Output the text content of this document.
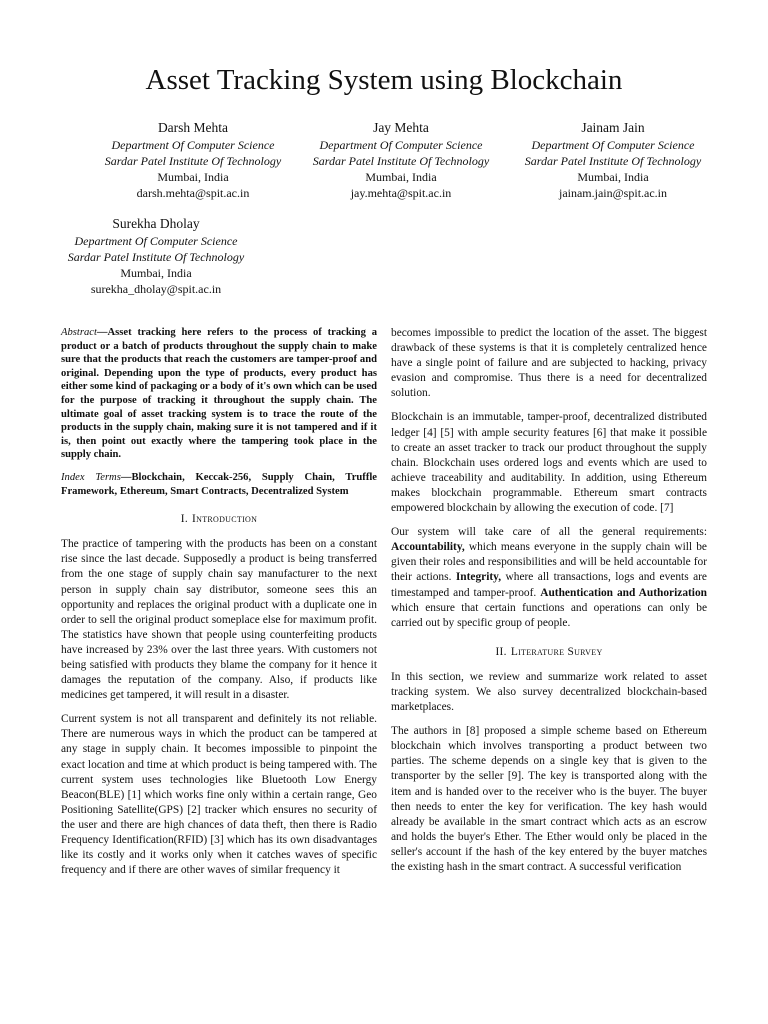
Asset Tracking System using Blockchain
Darsh Mehta
Department Of Computer Science
Sardar Patel Institute Of Technology
Mumbai, India
darsh.mehta@spit.ac.in
Jay Mehta
Department Of Computer Science
Sardar Patel Institute Of Technology
Mumbai, India
jay.mehta@spit.ac.in
Jainam Jain
Department Of Computer Science
Sardar Patel Institute Of Technology
Mumbai, India
jainam.jain@spit.ac.in
Surekha Dholay
Department Of Computer Science
Sardar Patel Institute Of Technology
Mumbai, India
surekha_dholay@spit.ac.in

Abstract—Asset tracking here refers to the process of tracking a product or a batch of products throughout the supply chain to make sure that the products that reach the customers are tamper-proof and original. Depending upon the type of products, every product has either some kind of packaging or a body of it's own which can be used for the purpose of tracking it throughout the supply chain. The ultimate goal of asset tracking system is to trace the route of the products in the supply chain, making sure it is not tampered and if it is, then point out exactly where the tampering took place in the supply chain.

Index Terms—Blockchain, Keccak-256, Supply Chain, Truffle Framework, Ethereum, Smart Contracts, Decentralized System

I. Introduction

The practice of tampering with the products has been on a constant rise since the last decade. Supposedly a product is being transferred from the one stage of supply chain say manufacturer to the next person in supply chain say distributor, someone sees this an opportunity and replaces the original product with a duplicate one in order to sell the original product someplace else for maximum profit. The statistics have shown that people using counterfeiting products have increased by 23% over the last three years. With customers not being satisfied with products they blame the company for it hence it damages the reputation of the company. Also, if products like medicines get tampered, it will result in a disaster.

Current system is not all transparent and definitely its not reliable. There are numerous ways in which the product can be tampered at any stage in supply chain. It becomes impossible to pinpoint the exact location and time at which product is being tampered with. The current system uses technologies like Bluetooth Low Energy Beacon(BLE) [1] which works fine only within a certain range, Geo Positioning Satellite(GPS) [2] tracker which ensures no security of the user and there are high chances of data theft, then there is Radio Frequency Identification(RFID) [3] which has its own disadvantages like its costly and it works only when it catches waves of specific frequency and if there are other waves of similar frequency it

becomes impossible to predict the location of the asset. The biggest drawback of these systems is that it is completely centralized hence have a single point of failure and are subjected to hacking, privacy evasion and compromise. Thus there is a need for decentralized solution.

Blockchain is an immutable, tamper-proof, decentralized distributed ledger [4] [5] with ample security features [6] that make it possible to create an asset tracker to track our product throughout the supply chain. Blockchain uses ordered logs and events which are used to achieve traceability and auditability. In addition, using Ethereum makes blockchain programmable. Ethereum smart contracts empowered blockchain by allowing the execution of code. [7]

Our system will take care of all the general requirements: Accountability, which means everyone in the supply chain will be given their roles and responsibilities and will be held accountable for their actions. Integrity, where all transactions, logs and events are timestamped and tamper-proof. Authentication and Authorization which ensure that certain functions and operations can only be carried out by specific group of people.

II. Literature Survey

In this section, we review and summarize work related to asset tracking system. We also survey decentralized blockchain-based marketplaces.

The authors in [8] proposed a simple scheme based on Ethereum blockchain which involves transporting a product between two parties. The scheme depends on a single key that is given to the transporter by the seller [9]. The key is transported along with the item and is handed over to the receiver who is the buyer. The buyer then needs to enter the key for verification. The key hash would already be available in the smart contract which acts as an escrow and holds the buyer's Ether. The Ether would only be placed in the seller's account if the hash of the key entered by the buyer matches the existing hash in the smart contract. A successful verification
